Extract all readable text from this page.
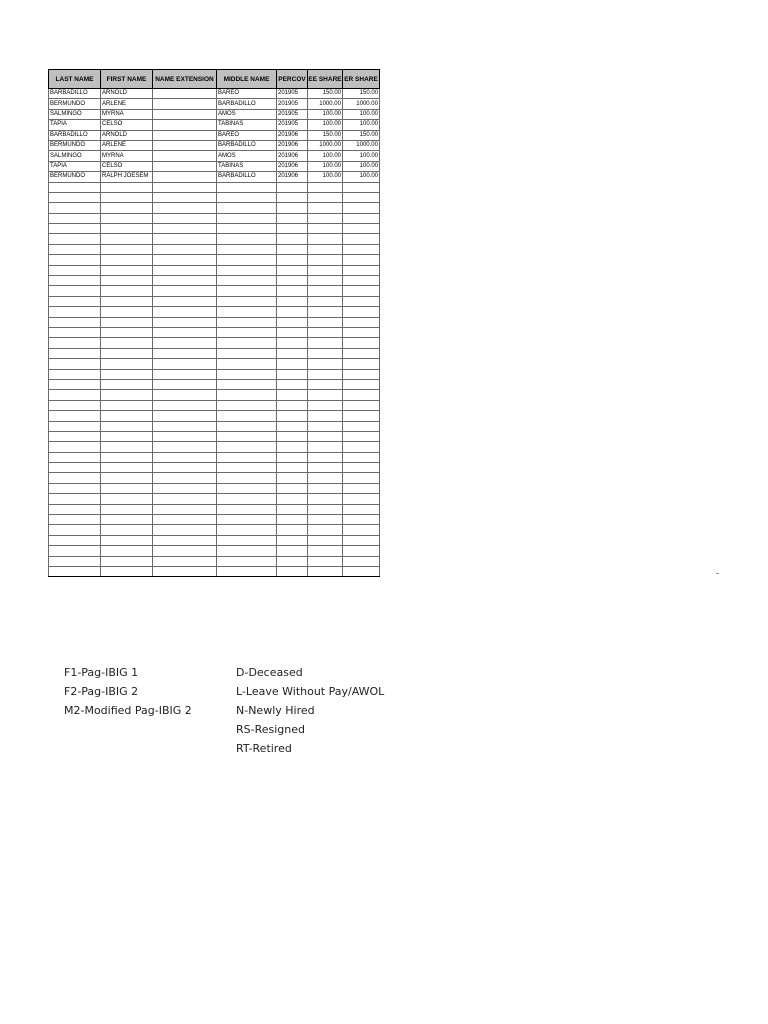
LAST NAME	FIRST NAME	NAME EXTENSION	MIDDLE NAME	PERCOV	EE SHARE	ER SHARE
BARBADILLO	ARNOLD		BAREO	201905	150.00	150.00
BERMUNDO	ARLENE		BARBADILLO	201905	1000.00	1000.00
SALMINGO	MYRNA		AMOS	201905	100.00	100.00
TAPIA	CELSO		TABINAS	201905	100.00	100.00
BARBADILLO	ARNOLD		BAREO	201906	150.00	150.00
BERMUNDO	ARLENE		BARBADILLO	201906	1000.00	1000.00
SALMINGO	MYRNA		AMOS	201906	100.00	100.00
TAPIA	CELSO		TABINAS	201906	100.00	100.00
BERMUNDO	RALPH JOESEM		BARBADILLO	201906	100.00	100.00

F1-Pag-IBIG 1
F2-Pag-IBIG 2
M2-Modified Pag-IBIG 2
D-Deceased
L-Leave Without Pay/AWOL
N-Newly Hired
RS-Resigned
RT-Retired
